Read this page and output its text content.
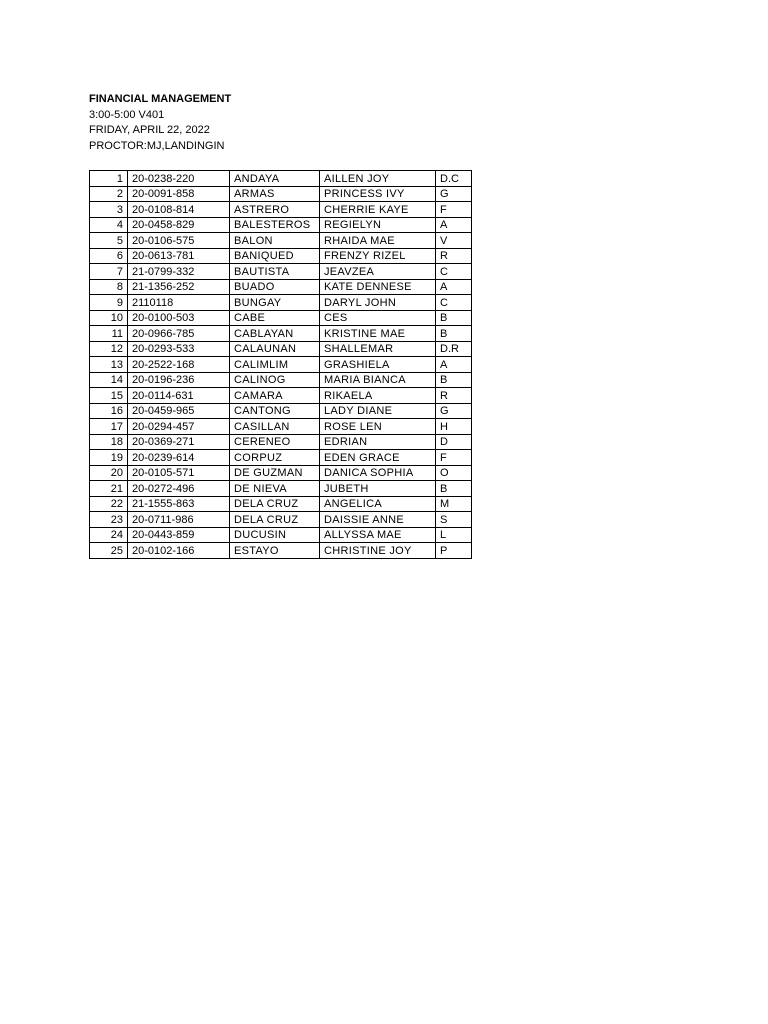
FINANCIAL MANAGEMENT
3:00-5:00 V401
FRIDAY, APRIL 22, 2022
PROCTOR:MJ,LANDINGIN
1	20-0238-220	ANDAYA	AILLEN JOY	D.C
2	20-0091-858	ARMAS	PRINCESS IVY	G
3	20-0108-814	ASTRERO	CHERRIE KAYE	F
4	20-0458-829	BALESTEROS	REGIELYN	A
5	20-0106-575	BALON	RHAIDA MAE	V
6	20-0613-781	BANIQUED	FRENZY RIZEL	R
7	21-0799-332	BAUTISTA	JEAVZEA	C
8	21-1356-252	BUADO	KATE DENNESE	A
9	2110118	BUNGAY	DARYL JOHN	C
10	20-0100-503	CABE	CES	B
11	20-0966-785	CABLAYAN	KRISTINE MAE	B
12	20-0293-533	CALAUNAN	SHALLEMAR	D.R
13	20-2522-168	CALIMLIM	GRASHIELA	A
14	20-0196-236	CALINOG	MARIA BIANCA	B
15	20-0114-631	CAMARA	RIKAELA	R
16	20-0459-965	CANTONG	LADY DIANE	G
17	20-0294-457	CASILLAN	ROSE LEN	H
18	20-0369-271	CERENEO	EDRIAN	D
19	20-0239-614	CORPUZ	EDEN GRACE	F
20	20-0105-571	DE GUZMAN	DANICA SOPHIA	O
21	20-0272-496	DE NIEVA	JUBETH	B
22	21-1555-863	DELA CRUZ	ANGELICA	M
23	20-0711-986	DELA CRUZ	DAISSIE ANNE	S
24	20-0443-859	DUCUSIN	ALLYSSA MAE	L
25	20-0102-166	ESTAYO	CHRISTINE JOY	P
